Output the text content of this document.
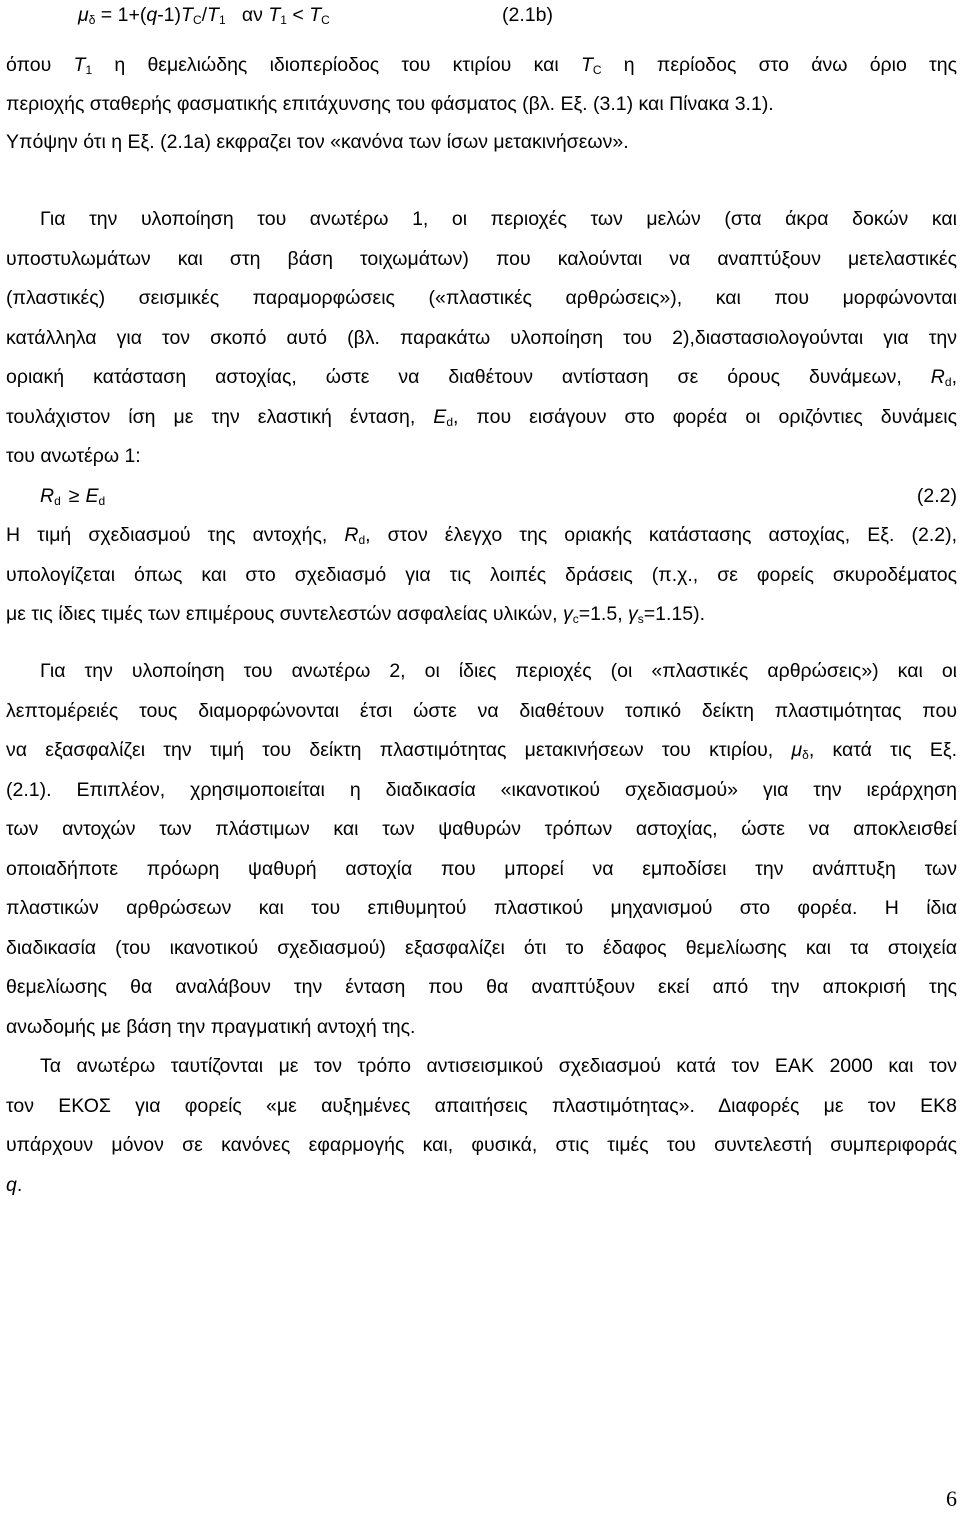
$\mu_\delta = 1+(q-1)T_C/T_1$   αν $T_1 < T_C$	(2.1b)
όπου $T_1$ η θεμελιώδης ιδιοπερίοδος του κτιρίου και $T_C$ η περίοδος στο άνω όριο της
περιοχής σταθερής φασματικής επιτάχυνσης του φάσματος (βλ. Εξ. (3.1) και Πίνακα 3.1).
Υπόψην ότι η Εξ. (2.1a) εκφραζει τον «κανόνα των ίσων μετακινήσεων».
Για την υλοποίηση του ανωτέρω 1, οι περιοχές των μελών (στα άκρα δοκών και
υποστυλωμάτων και στη βάση τοιχωμάτων) που καλούνται να αναπτύξουν μετελαστικές
(πλαστικές) σεισμικές παραμορφώσεις («πλαστικές αρθρώσεις»), και που μορφώνονται
κατάλληλα για τον σκοπό αυτό (βλ. παρακάτω υλοποίηση του 2),διαστασιολογούνται για την
οριακή κατάσταση αστοχίας, ώστε να διαθέτουν αντίσταση σε όρους δυνάμεων, $R_d$,
τουλάχιστον ίση με την ελαστική ένταση, $E_d$, που εισάγουν στο φορέα οι οριζόντιες δυνάμεις
του ανωτέρω 1:
$R_d \ge E_d$	(2.2)
Η τιμή σχεδιασμού της αντοχής, $R_d$, στον έλεγχο της οριακής κατάστασης αστοχίας, Εξ. (2.2),
υπολογίζεται όπως και στο σχεδιασμό για τις λοιπές δράσεις (π.χ., σε φορείς σκυροδέματος
με τις ίδιες τιμές των επιμέρους συντελεστών ασφαλείας υλικών, $\gamma_c=1.5$, $\gamma_s=1.15$).
Για την υλοποίηση του ανωτέρω 2, οι ίδιες περιοχές (οι «πλαστικές αρθρώσεις») και οι
λεπτομέρειές τους διαμορφώνονται έτσι ώστε να διαθέτουν τοπικό δείκτη πλαστιμότητας που
να εξασφαλίζει την τιμή του δείκτη πλαστιμότητας μετακινήσεων του κτιρίου, $\mu_\delta$, κατά τις Εξ.
(2.1). Επιπλέον, χρησιμοποιείται η διαδικασία «ικανοτικού σχεδιασμού» για την ιεράρχηση
των αντοχών των πλάστιμων και των ψαθυρών τρόπων αστοχίας, ώστε να αποκλεισθεί
οποιαδήποτε πρόωρη ψαθυρή αστοχία που μπορεί να εμποδίσει την ανάπτυξη των
πλαστικών αρθρώσεων και του επιθυμητού πλαστικού μηχανισμού στο φορέα. Η ίδια
διαδικασία (του ικανοτικού σχεδιασμού) εξασφαλίζει ότι το έδαφος θεμελίωσης και τα στοιχεία
θεμελίωσης θα αναλάβουν την ένταση που θα αναπτύξουν εκεί από την αποκρισή της
ανωδομής με βάση την πραγματική αντοχή της.
Τα ανωτέρω ταυτίζονται με τον τρόπο αντισεισμικού σχεδιασμού κατά τον ΕΑΚ 2000 και τον
τον ΕΚΟΣ για φορείς «με αυξημένες απαιτήσεις πλαστιμότητας». Διαφορές με τον ΕΚ8
υπάρχουν μόνον σε κανόνες εφαρμογής και, φυσικά, στις τιμές του συντελεστή συμπεριφοράς
q.
6
